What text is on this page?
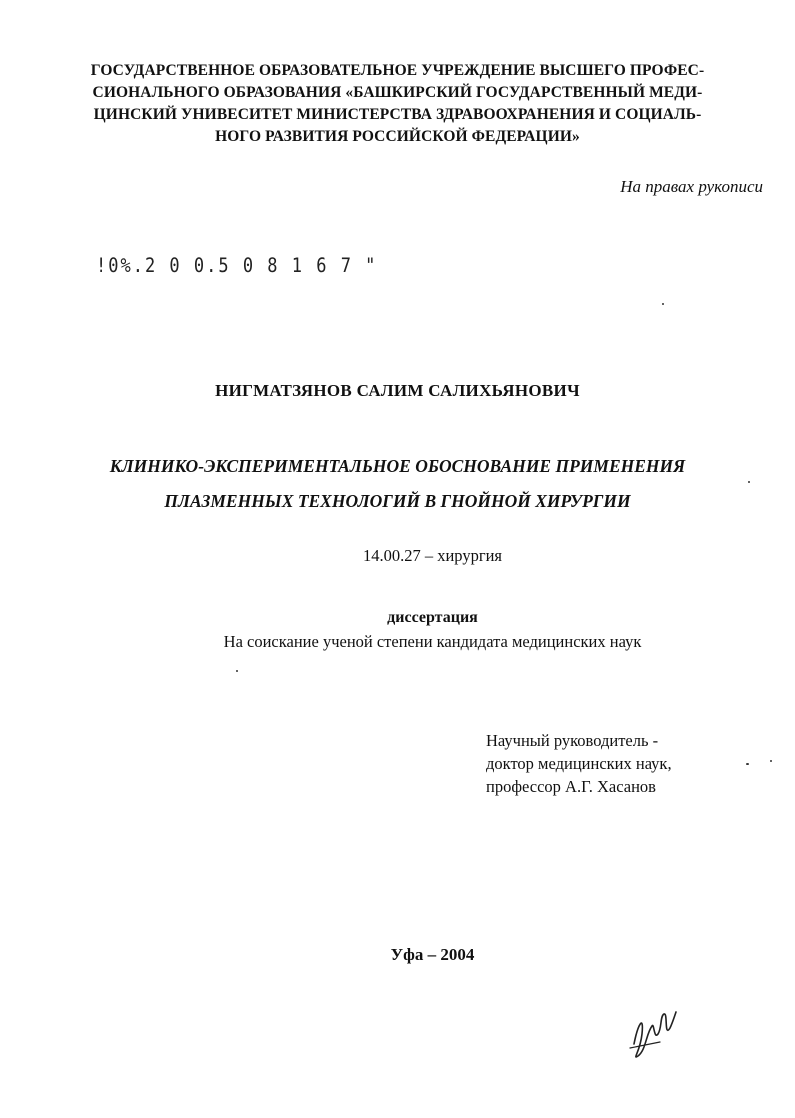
ГОСУДАРСТВЕННОЕ ОБРАЗОВАТЕЛЬНОЕ УЧРЕЖДЕНИЕ ВЫСШЕГО ПРОФЕС-
СИОНАЛЬНОГО ОБРАЗОВАНИЯ «БАШКИРСКИЙ ГОСУДАРСТВЕННЫЙ МЕДИ-
ЦИНСКИЙ УНИВЕСИТЕТ МИНИСТЕРСТВА ЗДРАВООХРАНЕНИЯ И СОЦИАЛЬ-
НОГО РАЗВИТИЯ РОССИЙСКОЙ ФЕДЕРАЦИИ»
На правах рукописи
!0%.2 0 0.5 0 8 1 6 7 "
НИГМАТЗЯНОВ САЛИМ САЛИХЬЯНОВИЧ
КЛИНИКО-ЭКСПЕРИМЕНТАЛЬНОЕ ОБОСНОВАНИЕ ПРИМЕНЕНИЯ
ПЛАЗМЕННЫХ ТЕХНОЛОГИЙ В ГНОЙНОЙ ХИРУРГИИ
14.00.27 – хирургия
диссертация
На соискание ученой степени кандидата медицинских наук
Научный руководитель -
доктор медицинских наук,
профессор А.Г. Хасанов
Уфа – 2004
